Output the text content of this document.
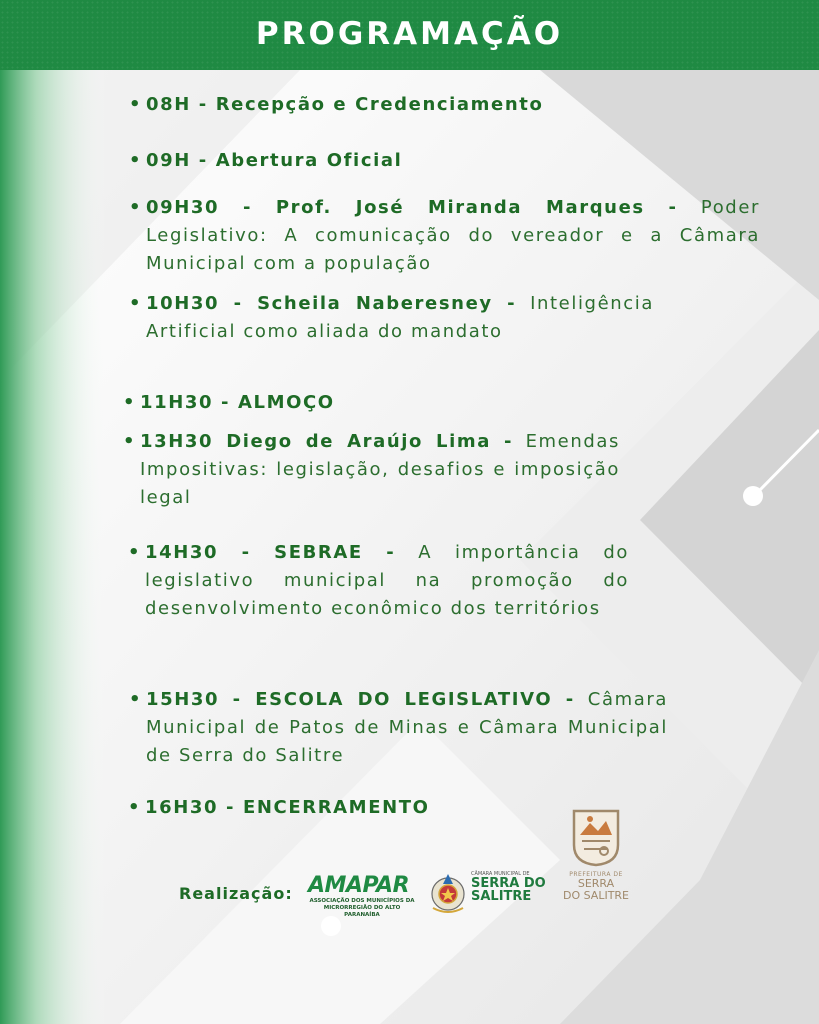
PROGRAMAÇÃO
• 08H - Recepção e Credenciamento
• 09H - Abertura Oficial
• 09H30 - Prof. José Miranda Marques - Poder Legislativo: A comunicação do vereador e a Câmara Municipal com a população
• 10H30 - Scheila Naberesney - Inteligência Artificial como aliada do mandato
• 11H30 - ALMOÇO
• 13H30 Diego de Araújo Lima - Emendas Impositivas: legislação, desafios e imposição legal
• 14H30 - SEBRAE - A importância do legislativo municipal na promoção do desenvolvimento econômico dos territórios
• 15H30 - ESCOLA DO LEGISLATIVO - Câmara Municipal de Patos de Minas e Câmara Municipal de Serra do Salitre
• 16H30 - ENCERRAMENTO
Realização: AMAPAR
ASSOCIAÇÃO DOS MUNICÍPIOS DA
MICRORREGIÃO DO ALTO PARANAÍBA
CÂMARA MUNICIPAL DE
SERRA DO
SALITRE
PREFEITURA DE
SERRA
DO SALITRE
